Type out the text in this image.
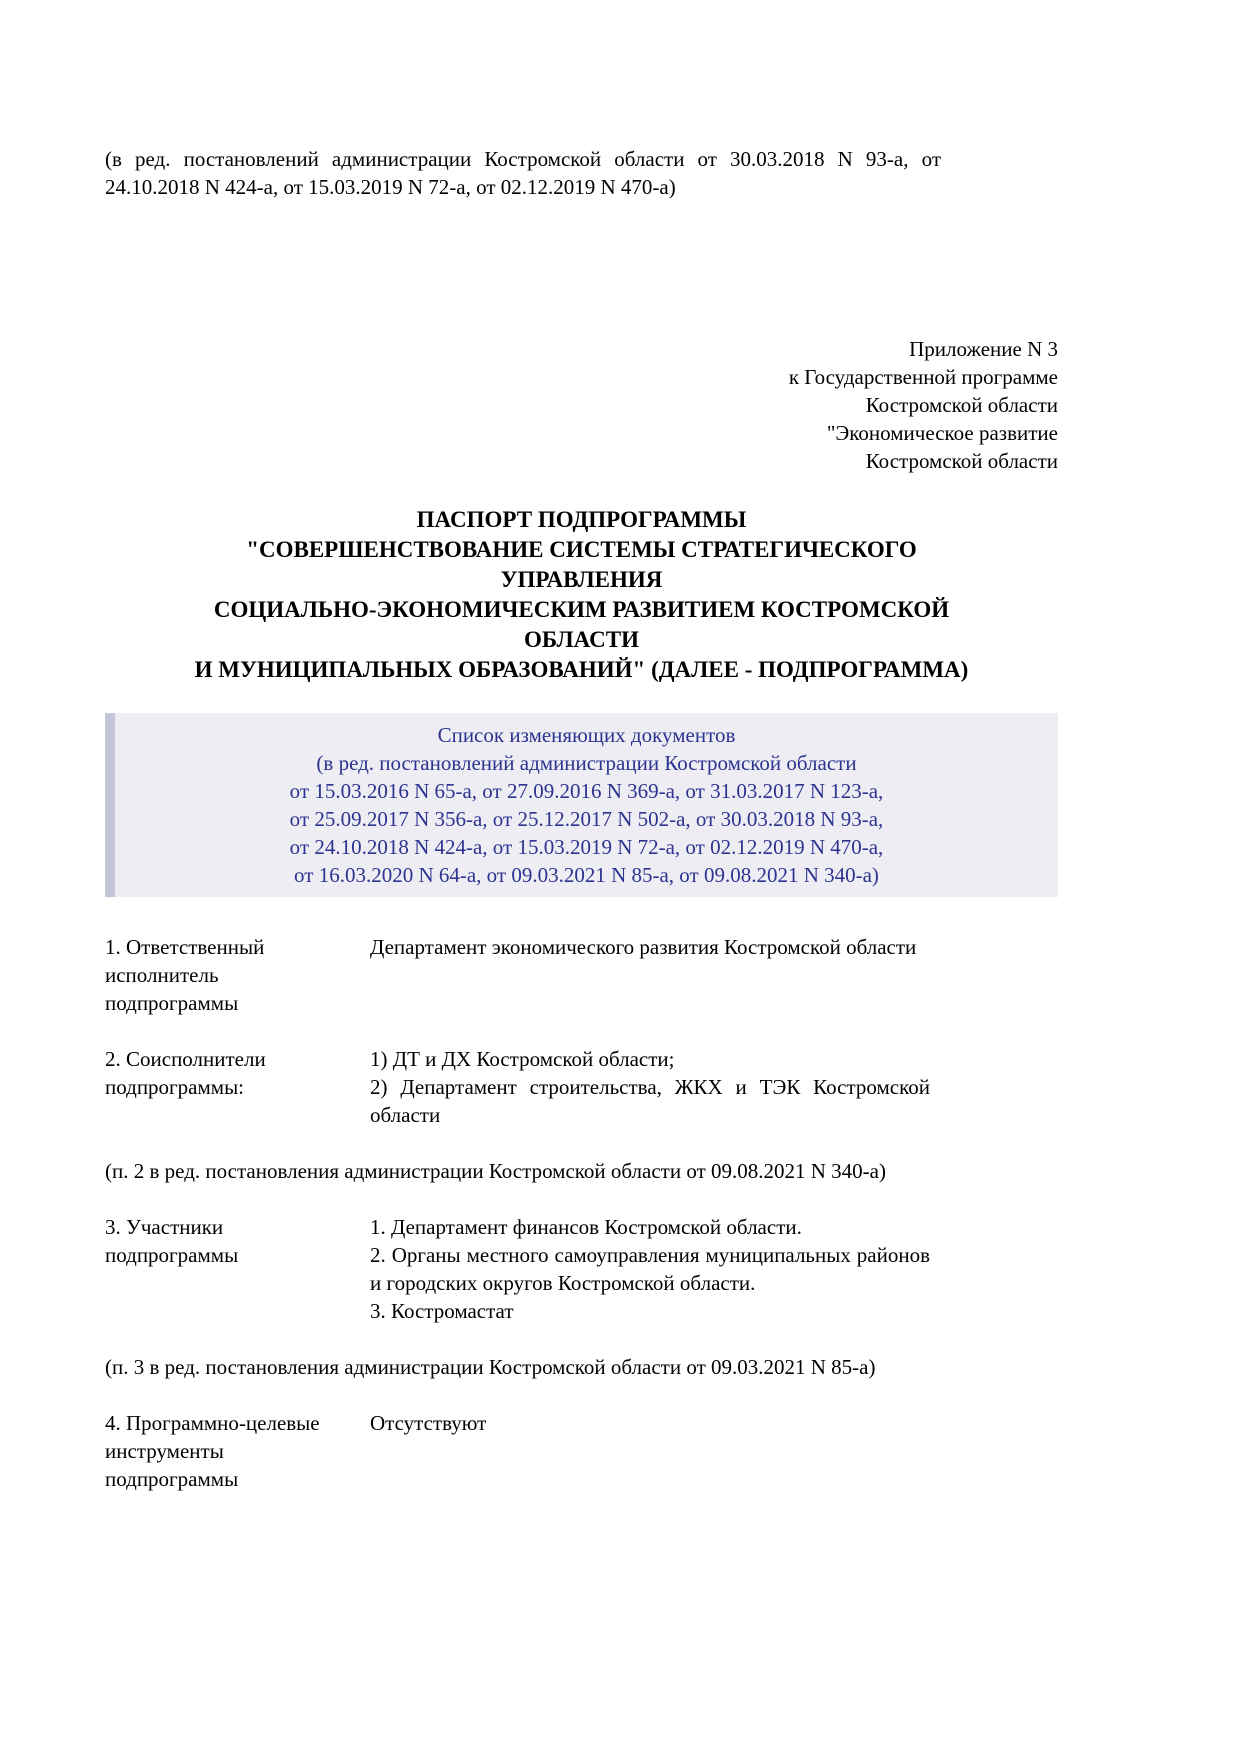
(в ред. постановлений администрации Костромской области от 30.03.2018 N 93-а, от 24.10.2018 N 424-а, от 15.03.2019 N 72-а, от 02.12.2019 N 470-а)

Приложение N 3
к Государственной программе
Костромской области
"Экономическое развитие
Костромской области
ПАСПОРТ ПОДПРОГРАММЫ
"СОВЕРШЕНСТВОВАНИЕ СИСТЕМЫ СТРАТЕГИЧЕСКОГО
УПРАВЛЕНИЯ
СОЦИАЛЬНО-ЭКОНОМИЧЕСКИМ РАЗВИТИЕМ КОСТРОМСКОЙ
ОБЛАСТИ
И МУНИЦИПАЛЬНЫХ ОБРАЗОВАНИЙ" (ДАЛЕЕ - ПОДПРОГРАММА)
Список изменяющих документов
(в ред. постановлений администрации Костромской области
от 15.03.2016 N 65-а, от 27.09.2016 N 369-а, от 31.03.2017 N 123-а,
от 25.09.2017 N 356-а, от 25.12.2017 N 502-а, от 30.03.2018 N 93-а,
от 24.10.2018 N 424-а, от 15.03.2019 N 72-а, от 02.12.2019 N 470-а,
от 16.03.2020 N 64-а, от 09.03.2021 N 85-а, от 09.08.2021 N 340-а)
1. Ответственный исполнитель подпрограммы

Департамент экономического развития Костромской области

2. Соисполнители подпрограммы:

1) ДТ и ДХ Костромской области;

2) Департамент строительства, ЖКХ и ТЭК Костромской области

(п. 2 в ред. постановления администрации Костромской области от 09.08.2021 N 340-а)

3. Участники подпрограммы

1. Департамент финансов Костромской области.

2. Органы местного самоуправления муниципальных районов и городских округов Костромской области.

3. Костромастат

(п. 3 в ред. постановления администрации Костромской области от 09.03.2021 N 85-а)

4. Программно-целевые инструменты подпрограммы

Отсутствуют
